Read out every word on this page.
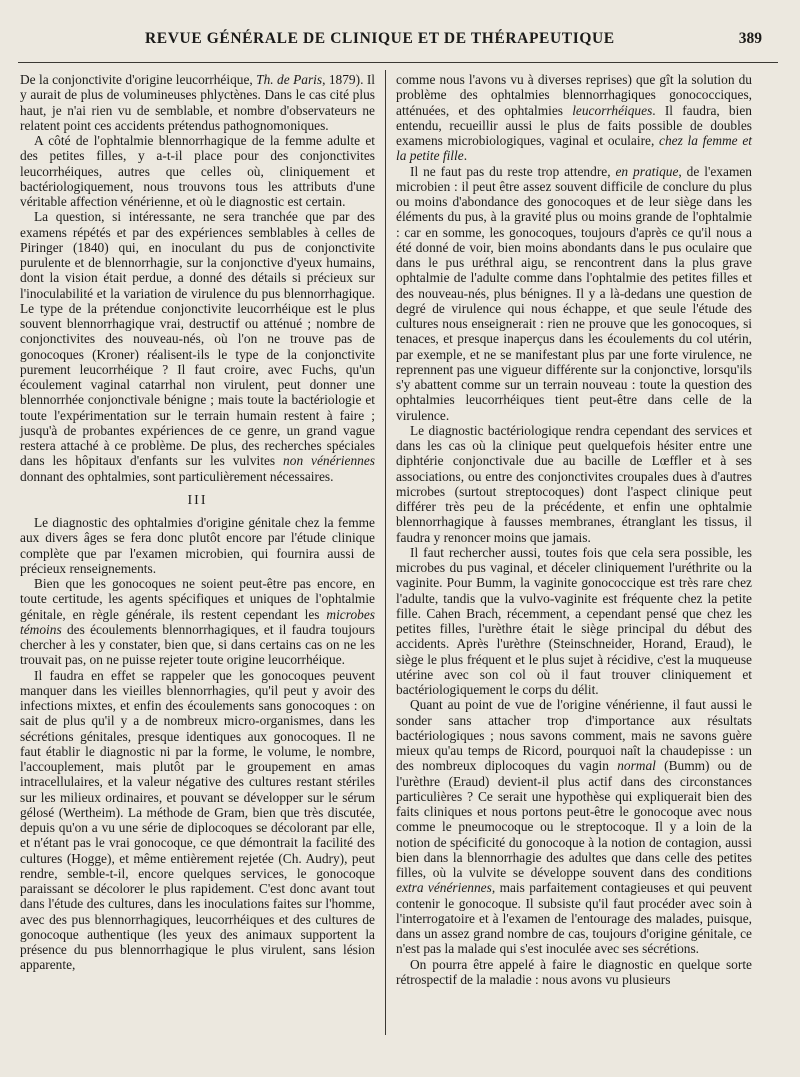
REVUE GÉNÉRALE DE CLINIQUE ET DE THÉRAPEUTIQUE	389

De la conjonctivite d'origine leucorrhéique, Th. de Paris, 1879). Il y aurait de plus de volumineuses phlyctènes. Dans le cas cité plus haut, je n'ai rien vu de semblable, et nombre d'observateurs ne relatent point ces accidents prétendus pathognomoniques.

A côté de l'ophtalmie blennorrhagique de la femme adulte et des petites filles, y a-t-il place pour des conjonctivites leucorrhéiques, autres que celles où, cliniquement et bactériologiquement, nous trouvons tous les attributs d'une véritable affection vénérienne, et où le diagnostic est certain.

La question, si intéressante, ne sera tranchée que par des examens répétés et par des expériences semblables à celles de Piringer (1840) qui, en inoculant du pus de conjonctivite purulente et de blennorrhagie, sur la conjonctive d'yeux humains, dont la vision était perdue, a donné des détails si précieux sur l'inoculabilité et la variation de virulence du pus blennorrhagique. Le type de la prétendue conjonctivite leucorrhéique est le plus souvent blennorrhagique vrai, destructif ou atténué ; nombre de conjonctivites des nouveau-nés, où l'on ne trouve pas de gonocoques (Kroner) réalisent-ils le type de la conjonctivite purement leucorrhéique ? Il faut croire, avec Fuchs, qu'un écoulement vaginal catarrhal non virulent, peut donner une blennorrhée conjonctivale bénigne ; mais toute la bactériologie et toute l'expérimentation sur le terrain humain restent à faire ; jusqu'à de probantes expériences de ce genre, un grand vague restera attaché à ce problème. De plus, des recherches spéciales dans les hôpitaux d'enfants sur les vulvites non vénériennes donnant des ophtalmies, sont particulièrement nécessaires.

III

Le diagnostic des ophtalmies d'origine génitale chez la femme aux divers âges se fera donc plutôt encore par l'étude clinique complète que par l'examen microbien, qui fournira aussi de précieux renseignements.

Bien que les gonocoques ne soient peut-être pas encore, en toute certitude, les agents spécifiques et uniques de l'ophtalmie génitale, en règle générale, ils restent cependant les microbes témoins des écoulements blennorrhagiques, et il faudra toujours chercher à les y constater, bien que, si dans certains cas on ne les trouvait pas, on ne puisse rejeter toute origine leucorrhéique.

Il faudra en effet se rappeler que les gonocoques peuvent manquer dans les vieilles blennorrhagies, qu'il peut y avoir des infections mixtes, et enfin des écoulements sans gonocoques : on sait de plus qu'il y a de nombreux micro-organismes, dans les sécrétions génitales, presque identiques aux gonocoques. Il ne faut établir le diagnostic ni par la forme, le volume, le nombre, l'accouplement, mais plutôt par le groupement en amas intracellulaires, et la valeur négative des cultures restant stériles sur les milieux ordinaires, et pouvant se développer sur le sérum gélosé (Wertheim). La méthode de Gram, bien que très discutée, depuis qu'on a vu une série de diplocoques se décolorant par elle, et n'étant pas le vrai gonocoque, ce que démontrait la facilité des cultures (Hogge), et même entièrement rejetée (Ch. Audry), peut rendre, semble-t-il, encore quelques services, le gonocoque paraissant se décolorer le plus rapidement. C'est donc avant tout dans l'étude des cultures, dans les inoculations faites sur l'homme, avec des pus blennorrhagiques, leucorrhéiques et des cultures de gonocoque authentique (les yeux des animaux supportent la présence du pus blennorrhagique le plus virulent, sans lésion apparente,

comme nous l'avons vu à diverses reprises) que gît la solution du problème des ophtalmies blennorrhagiques gonococciques, atténuées, et des ophtalmies leucorrhéiques. Il faudra, bien entendu, recueillir aussi le plus de faits possible de doubles examens microbiologiques, vaginal et oculaire, chez la femme et la petite fille.

Il ne faut pas du reste trop attendre, en pratique, de l'examen microbien : il peut être assez souvent difficile de conclure du plus ou moins d'abondance des gonocoques et de leur siège dans les éléments du pus, à la gravité plus ou moins grande de l'ophtalmie : car en somme, les gonocoques, toujours d'après ce qu'il nous a été donné de voir, bien moins abondants dans le pus oculaire que dans le pus uréthral aigu, se rencontrent dans la plus grave ophtalmie de l'adulte comme dans l'ophtalmie des petites filles et des nouveau-nés, plus bénignes. Il y a là-dedans une question de degré de virulence qui nous échappe, et que seule l'étude des cultures nous enseignerait : rien ne prouve que les gonocoques, si tenaces, et presque inaperçus dans les écoulements du col utérin, par exemple, et ne se manifestant plus par une forte virulence, ne reprennent pas une vigueur différente sur la conjonctive, lorsqu'ils s'y abattent comme sur un terrain nouveau : toute la question des ophtalmies leucorrhéiques tient peut-être dans celle de la virulence.

Le diagnostic bactériologique rendra cependant des services et dans les cas où la clinique peut quelquefois hésiter entre une diphtérie conjonctivale due au bacille de Lœffler et à ses associations, ou entre des conjonctivites croupales dues à d'autres microbes (surtout streptocoques) dont l'aspect clinique peut différer très peu de la précédente, et enfin une ophtalmie blennorrhagique à fausses membranes, étranglant les tissus, il faudra y renoncer moins que jamais.

Il faut rechercher aussi, toutes fois que cela sera possible, les microbes du pus vaginal, et déceler cliniquement l'uréthrite ou la vaginite. Pour Bumm, la vaginite gonococcique est très rare chez l'adulte, tandis que la vulvo-vaginite est fréquente chez la petite fille. Cahen Brach, récemment, a cependant pensé que chez les petites filles, l'urèthre était le siège principal du début des accidents. Après l'urèthre (Steinschneider, Horand, Eraud), le siège le plus fréquent et le plus sujet à récidive, c'est la muqueuse utérine avec son col où il faut trouver cliniquement et bactériologiquement le corps du délit.

Quant au point de vue de l'origine vénérienne, il faut aussi le sonder sans attacher trop d'importance aux résultats bactériologiques ; nous savons comment, mais ne savons guère mieux qu'au temps de Ricord, pourquoi naît la chaudepisse : un des nombreux diplocoques du vagin normal (Bumm) ou de l'urèthre (Eraud) devient-il plus actif dans des circonstances particulières ? Ce serait une hypothèse qui expliquerait bien des faits cliniques et nous portons peut-être le gonocoque avec nous comme le pneumocoque ou le streptocoque. Il y a loin de la notion de spécificité du gonocoque à la notion de contagion, aussi bien dans la blennorrhagie des adultes que dans celle des petites filles, où la vulvite se développe souvent dans des conditions extra vénériennes, mais parfaitement contagieuses et qui peuvent contenir le gonocoque. Il subsiste qu'il faut procéder avec soin à l'interrogatoire et à l'examen de l'entourage des malades, puisque, dans un assez grand nombre de cas, toujours d'origine génitale, ce n'est pas la malade qui s'est inoculée avec ses sécrétions.

On pourra être appelé à faire le diagnostic en quelque sorte rétrospectif de la maladie : nous avons vu plusieurs
